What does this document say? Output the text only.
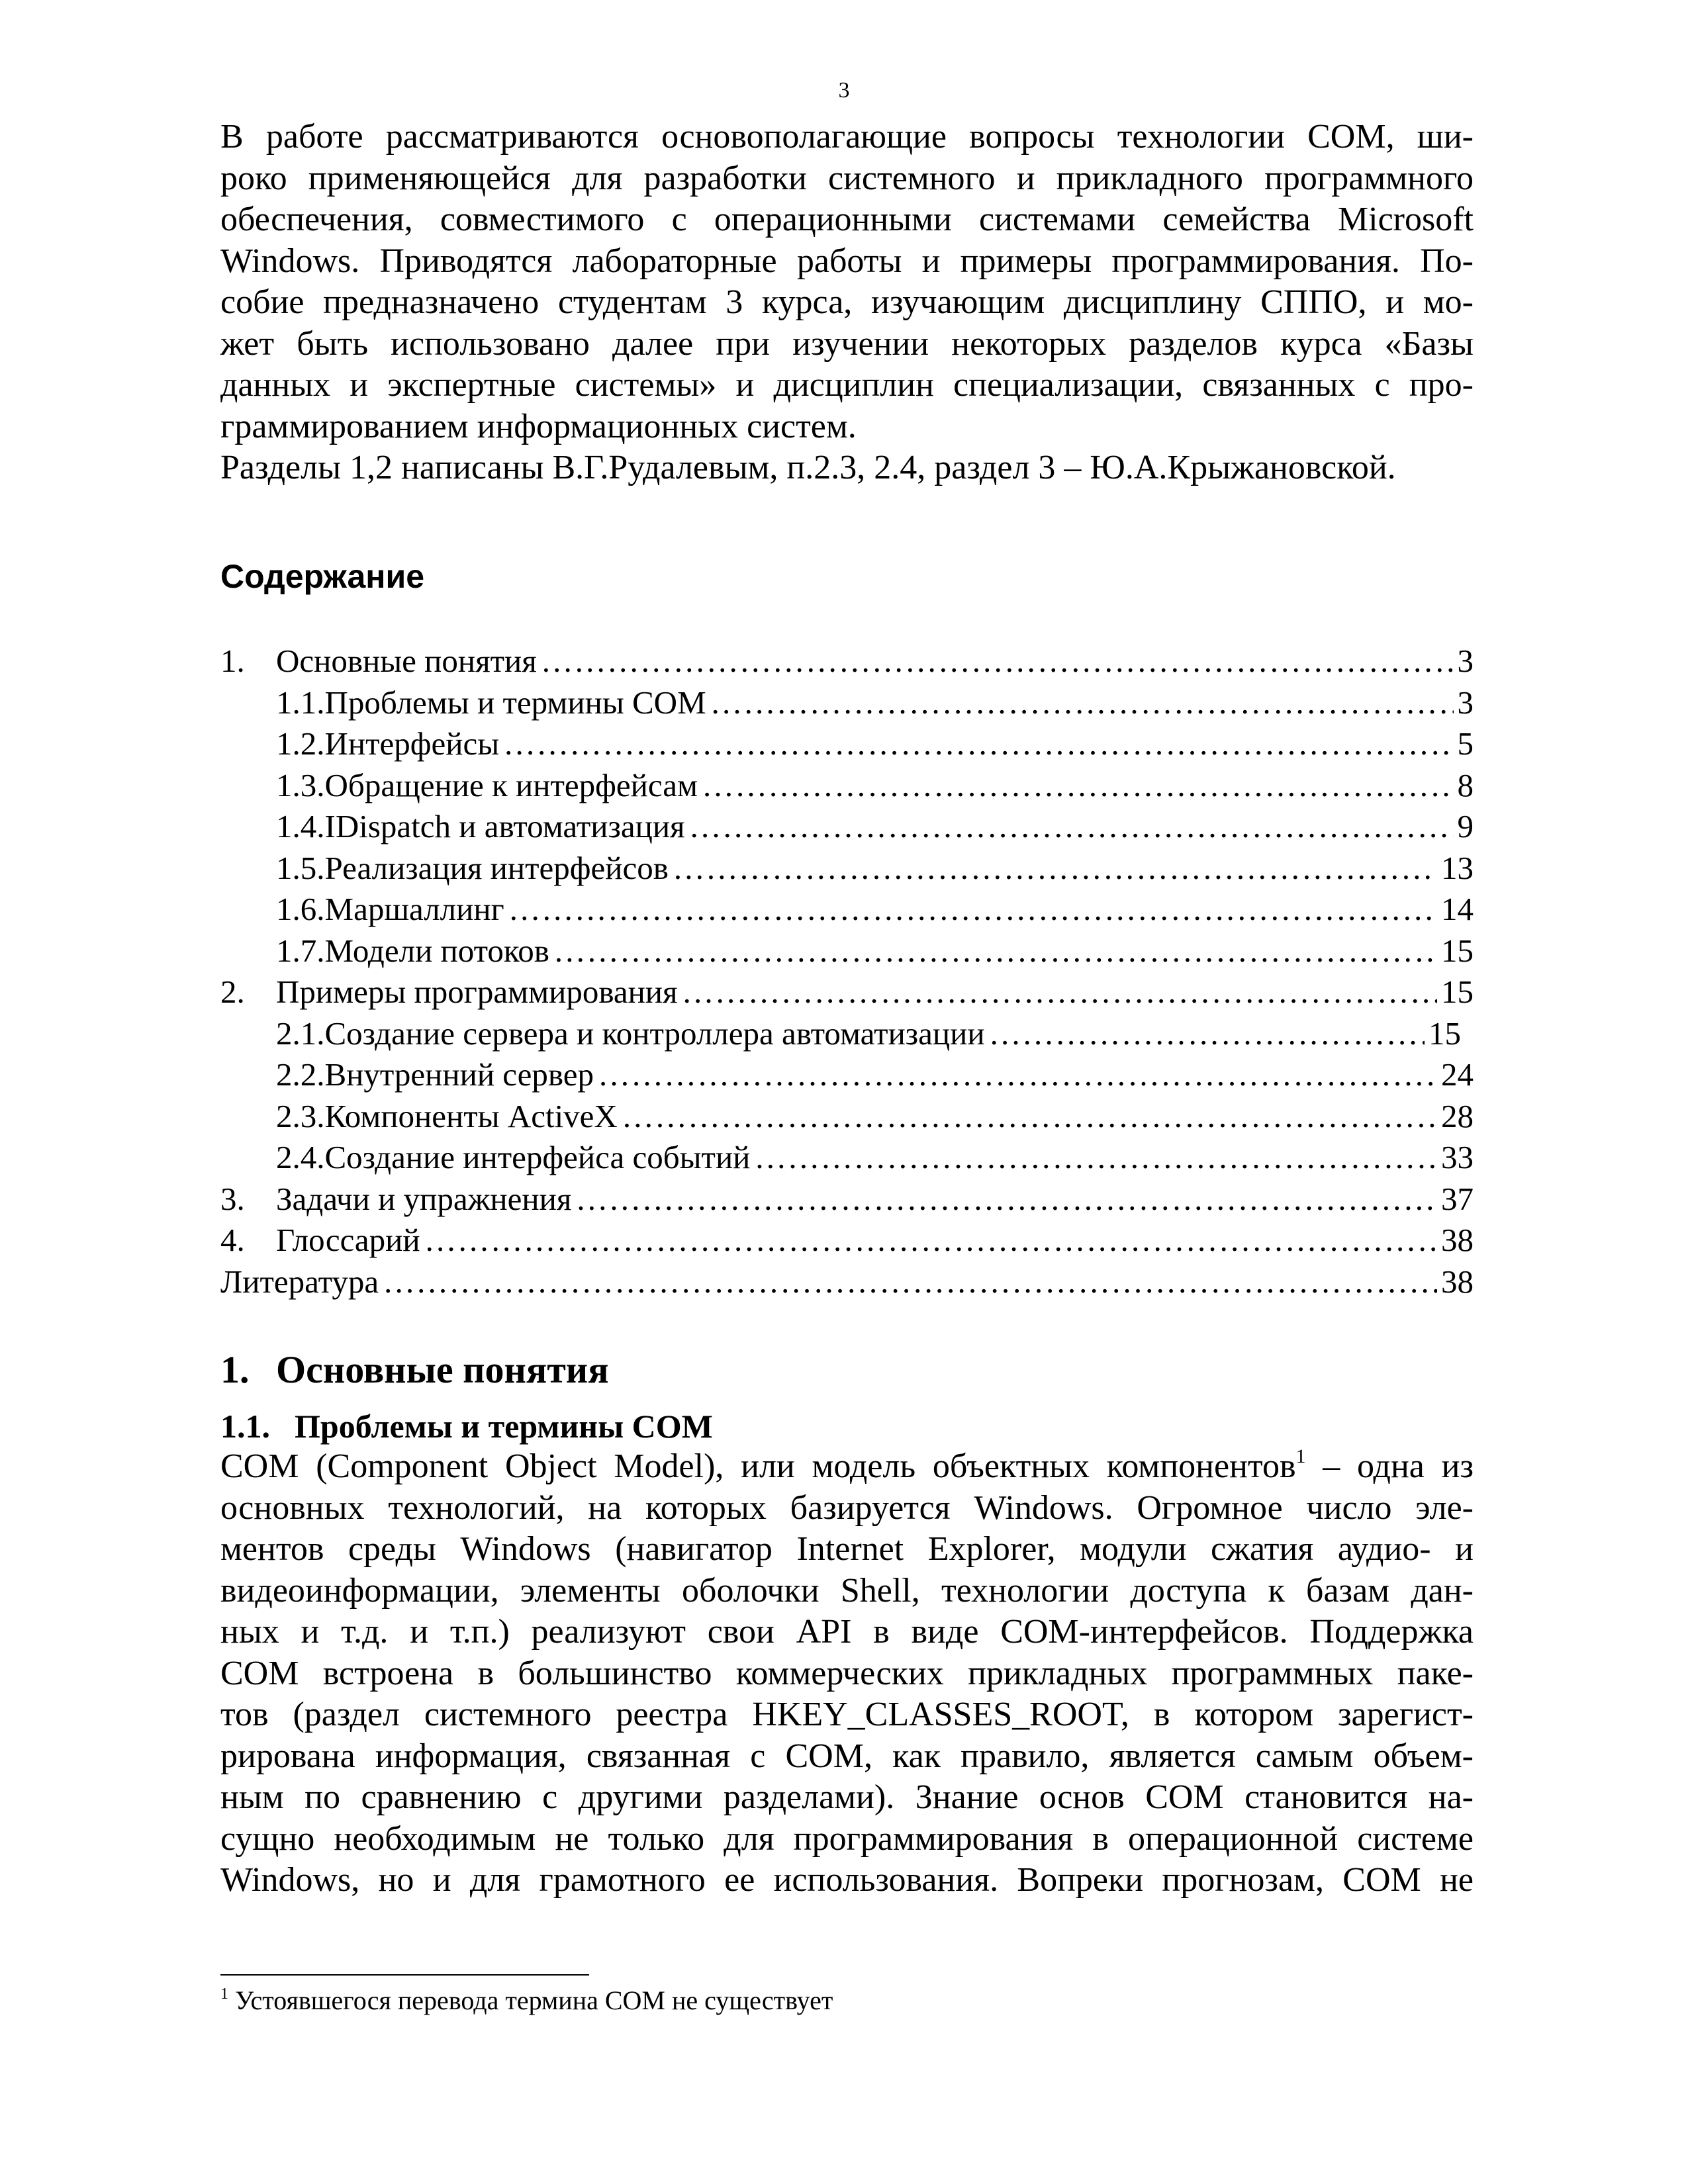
3
В работе рассматриваются основополагающие вопросы технологии COM, ши-
роко применяющейся для разработки системного и прикладного программного
обеспечения, совместимого с операционными системами семейства Microsoft
Windows. Приводятся лабораторные работы и примеры программирования. По-
собие предназначено студентам 3 курса, изучающим дисциплину СППО, и мо-
жет быть использовано далее при изучении некоторых разделов курса «Базы
данных и экспертные системы» и дисциплин специализации, связанных с про-
граммированием информационных систем.
Разделы 1,2 написаны В.Г.Рудалевым, п.2.3, 2.4, раздел 3 – Ю.А.Крыжановской.
Содержание
1. Основные понятия ………………………………………………………………………………………………………………………………………………………………………………………………………………………	3
1.1.Проблемы и термины COM ………………………………………………………………………………………………………………………………………………………………………………………………………………………	3
1.2.Интерфейсы ………………………………………………………………………………………………………………………………………………………………………………………………………………………	5
1.3.Обращение к интерфейсам ………………………………………………………………………………………………………………………………………………………………………………………………………………………	8
1.4.IDispatch и автоматизация ………………………………………………………………………………………………………………………………………………………………………………………………………………………	9
1.5.Реализация интерфейсов ………………………………………………………………………………………………………………………………………………………………………………………………………………………	13
1.6.Маршаллинг ………………………………………………………………………………………………………………………………………………………………………………………………………………………	14
1.7.Модели потоков ………………………………………………………………………………………………………………………………………………………………………………………………………………………	15
2. Примеры программирования ………………………………………………………………………………………………………………………………………………………………………………………………………………………	15
2.1.Создание сервера и контроллера автоматизации ………………………………………………………………………………………………………………………………………………………………………………………………………………………	15
2.2.Внутренний сервер ………………………………………………………………………………………………………………………………………………………………………………………………………………………	24
2.3.Компоненты ActiveX ………………………………………………………………………………………………………………………………………………………………………………………………………………………	28
2.4.Создание интерфейса событий ………………………………………………………………………………………………………………………………………………………………………………………………………………………	33
3. Задачи и упражнения ………………………………………………………………………………………………………………………………………………………………………………………………………………………	37
4. Глоссарий ………………………………………………………………………………………………………………………………………………………………………………………………………………………	38
Литература ………………………………………………………………………………………………………………………………………………………………………………………………………………………	38
1. Основные понятия
1.1. Проблемы и термины COM
COM (Component Object Model), или модель объектных компонентов$^1$ – одна из
основных технологий, на которых базируется Windows. Огромное число эле-
ментов среды Windows (навигатор Internet Explorer, модули сжатия аудио- и
видеоинформации, элементы оболочки Shell, технологии доступа к базам дан-
ных и т.д. и т.п.) реализуют свои API в виде COM-интерфейсов. Поддержка
COM встроена в большинство коммерческих прикладных программных паке-
тов (раздел системного реестра HKEY_CLASSES_ROOT, в котором зарегист-
рирована информация, связанная с COM, как правило, является самым объем-
ным по сравнению с другими разделами). Знание основ COM становится на-
сущно необходимым не только для программирования в операционной системе
Windows, но и для грамотного ее использования. Вопреки прогнозам, COM не
$^1$ Устоявшегося перевода термина COM не существует
